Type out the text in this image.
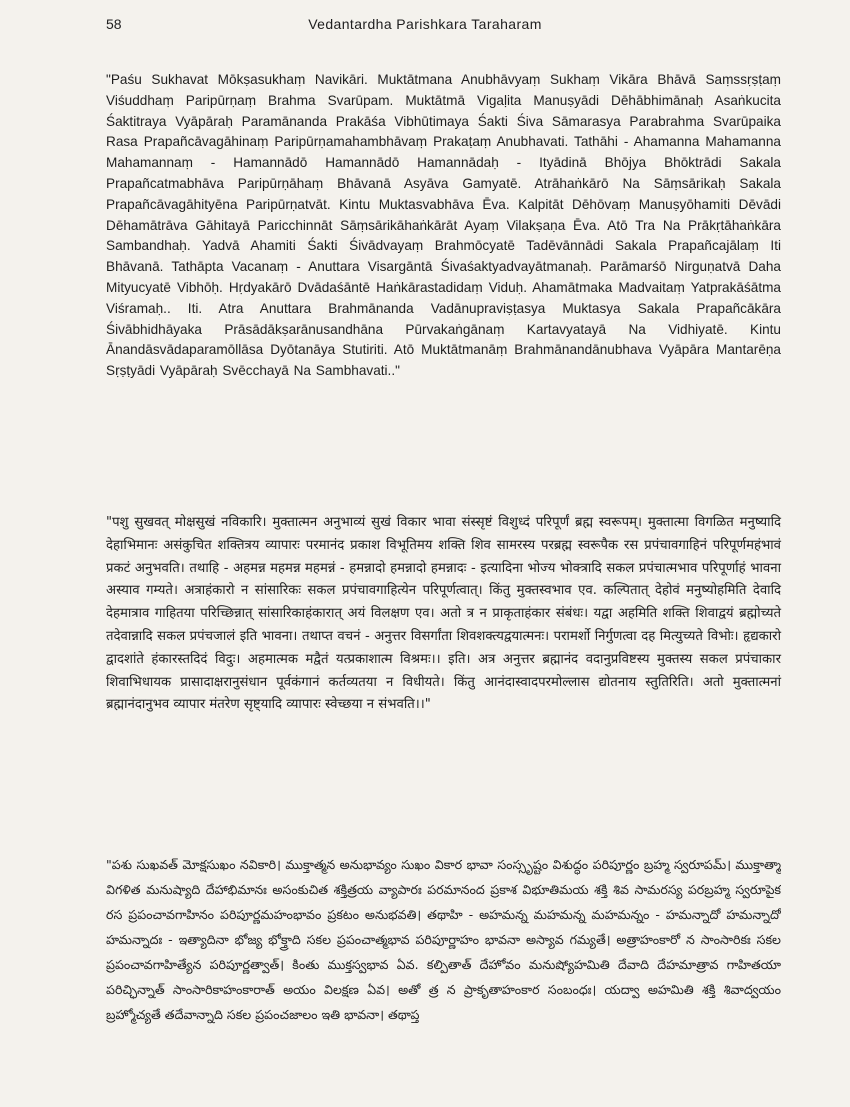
58	Vedantardha Parishkara Taraharam

"Paśu Sukhavat Mōkṣasukhaṃ Navikāri. Muktātmana Anubhāvyaṃ Sukhaṃ Vikāra Bhāvā Saṃssṛṣṭaṃ Viśuddhaṃ Paripūrṇaṃ Brahma Svarūpam. Muktātmā Vigaḷita Manuṣyādi Dēhābhimānaḥ Asaṅkucita Śaktitraya Vyāpāraḥ Paramānanda Prakāśa Vibhūtimaya Śakti Śiva Sāmarasya Parabrahma Svarūpaika Rasa Prapañcāvagāhinaṃ Paripūrṇamahambhāvaṃ Prakaṭaṃ Anubhavati. Tathāhi - Ahamanna Mahamanna Mahamannaṃ - Hamannādō Hamannādō Hamannādaḥ - Ityādinā Bhōjya Bhōktrādi Sakala Prapañcatmabhāva Paripūrṇāhaṃ Bhāvanā Asyāva Gamyatē. Atrāhaṅkārō Na Sāṃsārikaḥ Sakala Prapañcāvagāhityēna Paripūrṇatvāt. Kintu Muktasvabhāva Ēva. Kalpitāt Dēhōvaṃ Manuṣyōhamiti Dēvādi Dēhamātrāva Gāhitayā Paricchinnāt Sāṃsārikāhaṅkārāt Ayaṃ Vilakṣaṇa Ēva. Atō Tra Na Prākṛtāhaṅkāra Sambandhaḥ. Yadvā Ahamiti Śakti Śivādvayaṃ Brahmōcyatē Tadēvānnādi Sakala Prapañcajālaṃ Iti Bhāvanā. Tathāpta Vacanaṃ - Anuttara Visargāntā Śivaśaktyadvayātmanaḥ. Parāmarśō Nirguṇatvā Daha Mityucyatē Vibhōḥ. Hṛdyakārō Dvādaśāntē Haṅkārastadidaṃ Viduḥ. Ahamātmaka Madvaitaṃ Yatprakāśātma Viśramaḥ.. Iti. Atra Anuttara Brahmānanda Vadānupraviṣṭasya Muktasya Sakala Prapañcākāra Śivābhidhāyaka Prāsādākṣarānusandhāna Pūrvakaṅgānaṃ Kartavyatayā Na Vidhiyatē. Kintu Ānandāsvādaparamōllāsa Dyōtanāya Stutiriti. Atō Muktātmanāṃ Brahmānandānubhava Vyāpāra Mantarēṇa Sṛṣṭyādi Vyāpāraḥ Svēcchayā Na Sambhavati.."

"पशु सुखवत् मोक्षसुखं नविकारि। मुक्तात्मन अनुभाव्यं सुखं विकार भावा संस्सृष्टं विशुध्दं परिपूर्णं ब्रह्म स्वरूपम्। मुक्तात्मा विगळित मनुष्यादि देहाभिमानः असंकुचित शक्तित्रय व्यापारः परमानंद प्रकाश विभूतिमय शक्ति शिव सामरस्य परब्रह्म स्वरूपैक रस प्रपंचावगाहिनं परिपूर्णमहंभावं प्रकटं अनुभवति। तथाहि - अहमन्न महमन्न महमन्नं - हमन्नादो हमन्नादो हमन्नादः - इत्यादिना भोज्य भोक्त्रादि सकल प्रपंचात्मभाव परिपूर्णाहं भावना अस्याव गम्यते। अत्राहंकारो न सांसारिकः सकल प्रपंचावगाहित्येन परिपूर्णत्वात्। किंतु मुक्तस्वभाव एव. कल्पितात् देहोवं मनुष्योहमिति देवादि देहमात्राव गाहितया परिच्छिन्नात् सांसारिकाहंकारात् अयं विलक्षण एव। अतो त्र न प्राकृताहंकार संबंधः। यद्वा अहमिति शक्ति शिवाद्वयं ब्रह्मोच्यते तदेवान्नादि सकल प्रपंचजालं इति भावना। तथाप्त वचनं - अनुत्तर विसर्गांता शिवशक्त्यद्वयात्मनः। परामर्शो निर्गुणत्वा दह मित्युच्यते विभोः। हृद्यकारो द्वादशांते हंकारस्तदिदं विदुः। अहमात्मक मद्वैतं यत्प्रकाशात्म विश्रमः।। इति। अत्र अनुत्तर ब्रह्मानंद वदानुप्रविष्टस्य मुक्तस्य सकल प्रपंचाकार शिवाभिधायक प्रासादाक्षरानुसंधान पूर्वकंगानं कर्तव्यतया न विधीयते। किंतु आनंदास्वादपरमोल्लास द्योतनाय स्तुतिरिति। अतो मुक्तात्मनां ब्रह्मानंदानुभव व्यापार मंतरेण सृष्ट्यादि व्यापारः स्वेच्छया न संभवति।।"

"పశు సుఖవత్ మోక్షసుఖం నవికారి। ముక్తాత్మన అనుభావ్యం సుఖం వికార భావా సంస్సృష్టం విశుద్ధం పరిపూర్ణం బ్రహ్మ స్వరూపమ్। ముక్తాత్మా విగళిత మనుష్యాది దేహాభిమానః అసంకుచిత శక్తిత్రయ వ్యాపారః పరమానంద ప్రకాశ విభూతిమయ శక్తి శివ సామరస్య పరబ్రహ్మ స్వరూపైక రస ప్రపంచావగాహినం పరిపూర్ణమహంభావం ప్రకటం అనుభవతి। తథాహి - అహమన్న మహమన్న మహమన్నం - హమన్నాదో హమన్నాదో హమన్నాదః - ఇత్యాదినా భోజ్య భోక్త్రాది సకల ప్రపంచాత్మభావ పరిపూర్ణాహం భావనా అస్యావ గమ్యతే। అత్రాహంకారో న సాంసారికః సకల ప్రపంచావగాహిత్యేన పరిపూర్ణత్వాత్। కింతు ముక్తస్వభావ ఏవ. కల్పితాత్ దేహోవం మనుష్యోహమితి దేవాది దేహమాత్రావ గాహితయా పరిచ్ఛిన్నాత్ సాంసారికాహంకారాత్ అయం విలక్షణ ఏవ। అతో త్ర న ప్రాకృతాహంకార సంబంధః। యద్వా అహమితి శక్తి శివాద్వయం బ్రహ్మోచ్యతే తదేవాన్నాది సకల ప్రపంచజాలం ఇతి భావనా। తథాప్త
